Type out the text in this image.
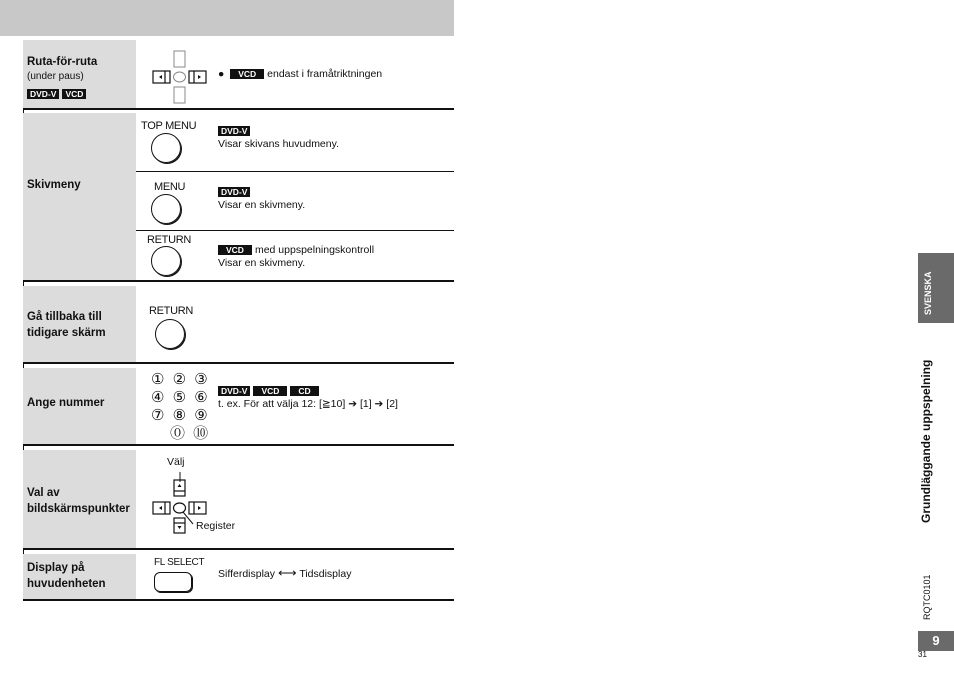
Ruta-för-ruta
(under paus)
DVD-V VCD
●  VCD endast i framåtriktningen
Skivmeny
TOP MENU	DVD-V
Visar skivans huvudmeny.
MENU	DVD-V
Visar en skivmeny.
RETURN
VCD med uppspelningskontroll
Visar en skivmeny.
Gå tillbaka till
tidigare skärm
RETURN
Ange nummer
① ② ③
④ ⑤ ⑥
⑦ ⑧ ⑨
⓪ ⑩
DVD-V VCD CD
t. ex. För att välja 12: [≧10] ➔ [1] ➔ [2]
Val av
bildskärmspunkter
Välj
Register
Display på
huvudenheten
FL SELECT
Sifferdisplay ⟷ Tidsdisplay
SVENSKA
Grundläggande uppspelning
RQTC0101
9
31
